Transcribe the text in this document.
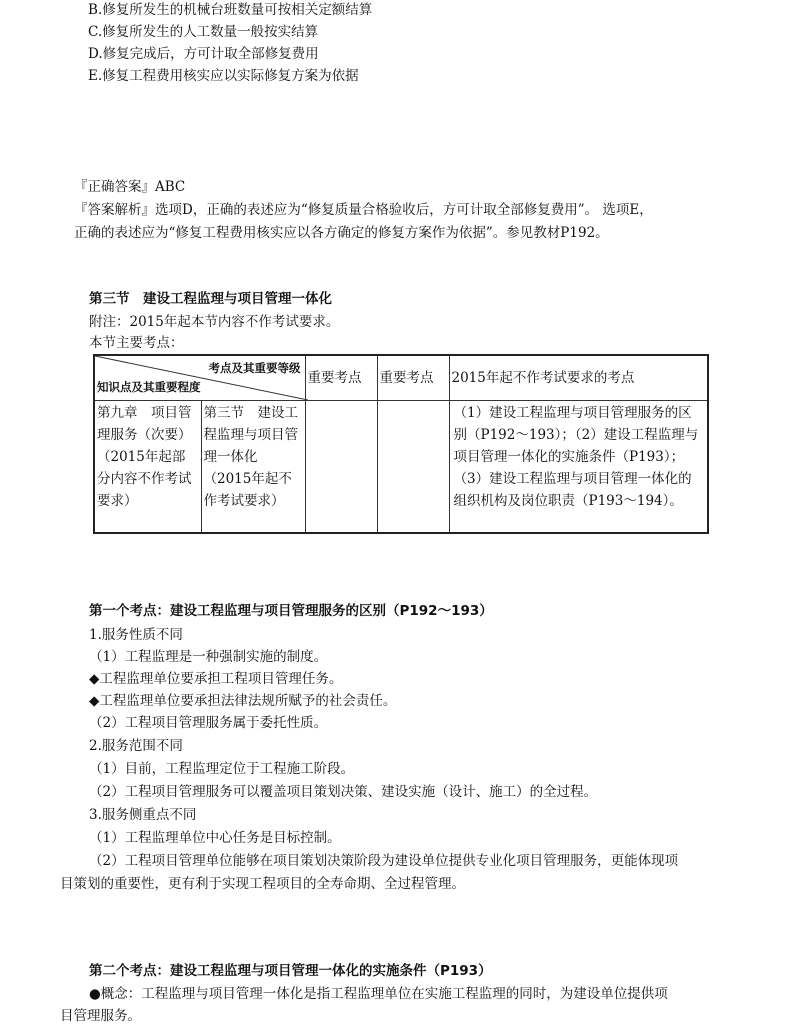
B.修复所发生的机械台班数量可按相关定额结算
C.修复所发生的人工数量一般按实结算
D.修复完成后，方可计取全部修复费用
E.修复工程费用核实应以实际修复方案为依据
『正确答案』ABC
『答案解析』选项D，正确的表述应为“修复质量合格验收后，方可计取全部修复费用”。 选项E，
正确的表述应为“修复工程费用核实应以各方确定的修复方案作为依据”。参见教材P192。
第三节　建设工程监理与项目管理一体化
附注：2015年起本节内容不作考试要求。
本节主要考点：
考点及其重要等级
知识点及其重要程度		重要考点	重要考点	2015年起不作考试要求的考点
第九章　项目管理服务（次要）（2015年起部分内容不作考试要求）	第三节　建设工程监理与项目管理一体化（2015年起不作考试要求）			（1）建设工程监理与项目管理服务的区别（P192～193）；（2）建设工程监理与项目管理一体化的实施条件（P193）；（3）建设工程监理与项目管理一体化的组织机构及岗位职责（P193～194）。
第一个考点：建设工程监理与项目管理服务的区别（P192～193）
1.服务性质不同
（1）工程监理是一种强制实施的制度。
◆工程监理单位要承担工程项目管理任务。
◆工程监理单位要承担法律法规所赋予的社会责任。
（2）工程项目管理服务属于委托性质。
2.服务范围不同
（1）目前，工程监理定位于工程施工阶段。
（2）工程项目管理服务可以覆盖项目策划决策、建设实施（设计、施工）的全过程。
3.服务侧重点不同
（1）工程监理单位中心任务是目标控制。
（2）工程项目管理单位能够在项目策划决策阶段为建设单位提供专业化项目管理服务，更能体现项
目策划的重要性，更有利于实现工程项目的全寿命期、全过程管理。
第二个考点：建设工程监理与项目管理一体化的实施条件（P193）
●概念：工程监理与项目管理一体化是指工程监理单位在实施工程监理的同时，为建设单位提供项
目管理服务。
